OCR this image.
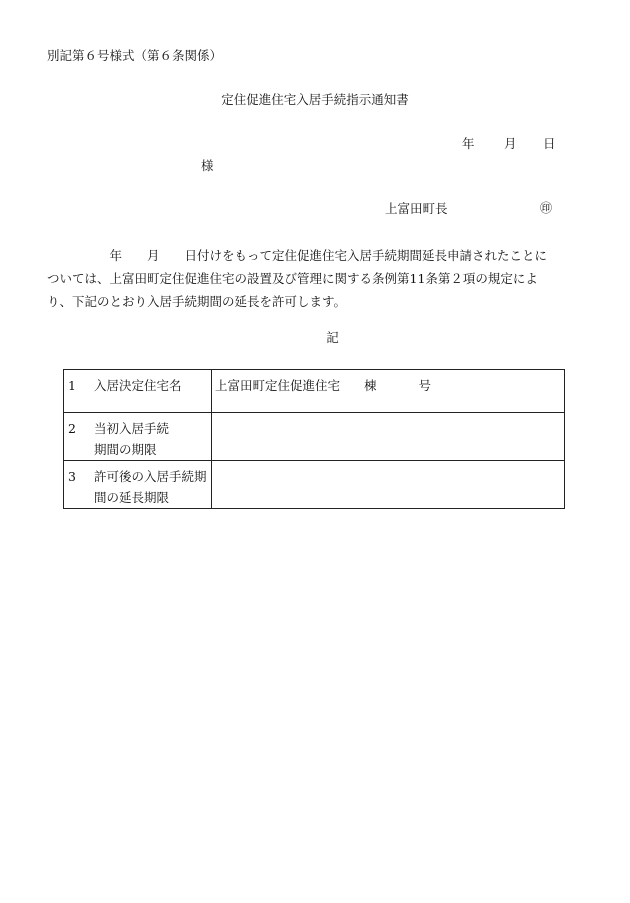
別記第６号様式（第６条関係）
定住促進住宅入居手続指示通知書
年 月 日
様
上富田町長	㊞
　　　　　年　　月　　日付けをもって定住促進住宅入居手続期間延長申請されたことに
ついては、上富田町定住促進住宅の設置及び管理に関する条例第11条第２項の規定によ
り、下記のとおり入居手続期間の延長を許可します。
記
1 入居決定住宅名	上富田町定住促進住宅 棟 号
2 当初入居手続
期間の期限	
3 許可後の入居手続期
間の延長期限	
